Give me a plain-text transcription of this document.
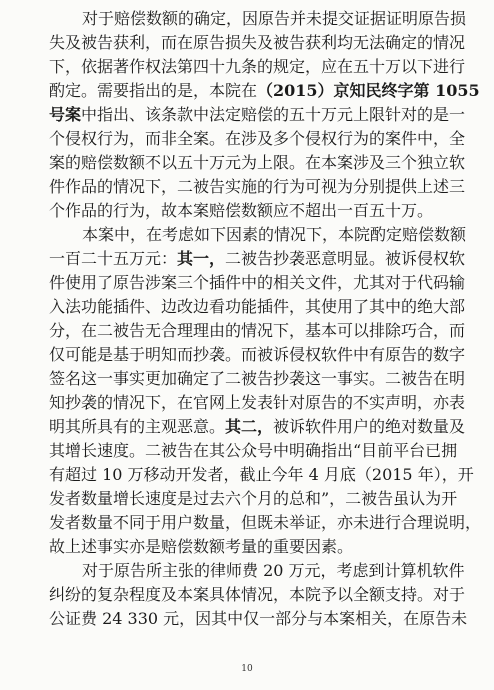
对于赔偿数额的确定，因原告并未提交证据证明原告损
失及被告获利，而在原告损失及被告获利均无法确定的情况
下，依据著作权法第四十九条的规定，应在五十万以下进行
酌定。需要指出的是，本院在（2015）京知民终字第 1055
号案中指出、该条款中法定赔偿的五十万元上限针对的是一
个侵权行为，而非全案。在涉及多个侵权行为的案件中，全
案的赔偿数额不以五十万元为上限。在本案涉及三个独立软
件作品的情况下，二被告实施的行为可视为分别提供上述三
个作品的行为，故本案赔偿数额应不超出一百五十万。
本案中，在考虑如下因素的情况下，本院酌定赔偿数额
一百二十五万元：其一，二被告抄袭恶意明显。被诉侵权软
件使用了原告涉案三个插件中的相关文件，尤其对于代码输
入法功能插件、边改边看功能插件，其使用了其中的绝大部
分，在二被告无合理理由的情况下，基本可以排除巧合，而
仅可能是基于明知而抄袭。而被诉侵权软件中有原告的数字
签名这一事实更加确定了二被告抄袭这一事实。二被告在明
知抄袭的情况下，在官网上发表针对原告的不实声明，亦表
明其所具有的主观恶意。其二，被诉软件用户的绝对数量及
其增长速度。二被告在其公众号中明确指出“目前平台已拥
有超过 10 万移动开发者，截止今年 4 月底（2015 年），开
发者数量增长速度是过去六个月的总和”，二被告虽认为开
发者数量不同于用户数量，但既未举证，亦未进行合理说明，
故上述事实亦是赔偿数额考量的重要因素。
对于原告所主张的律师费 20 万元，考虑到计算机软件
纠纷的复杂程度及本案具体情况，本院予以全额支持。对于
公证费 24 330 元，因其中仅一部分与本案相关，在原告未
10
